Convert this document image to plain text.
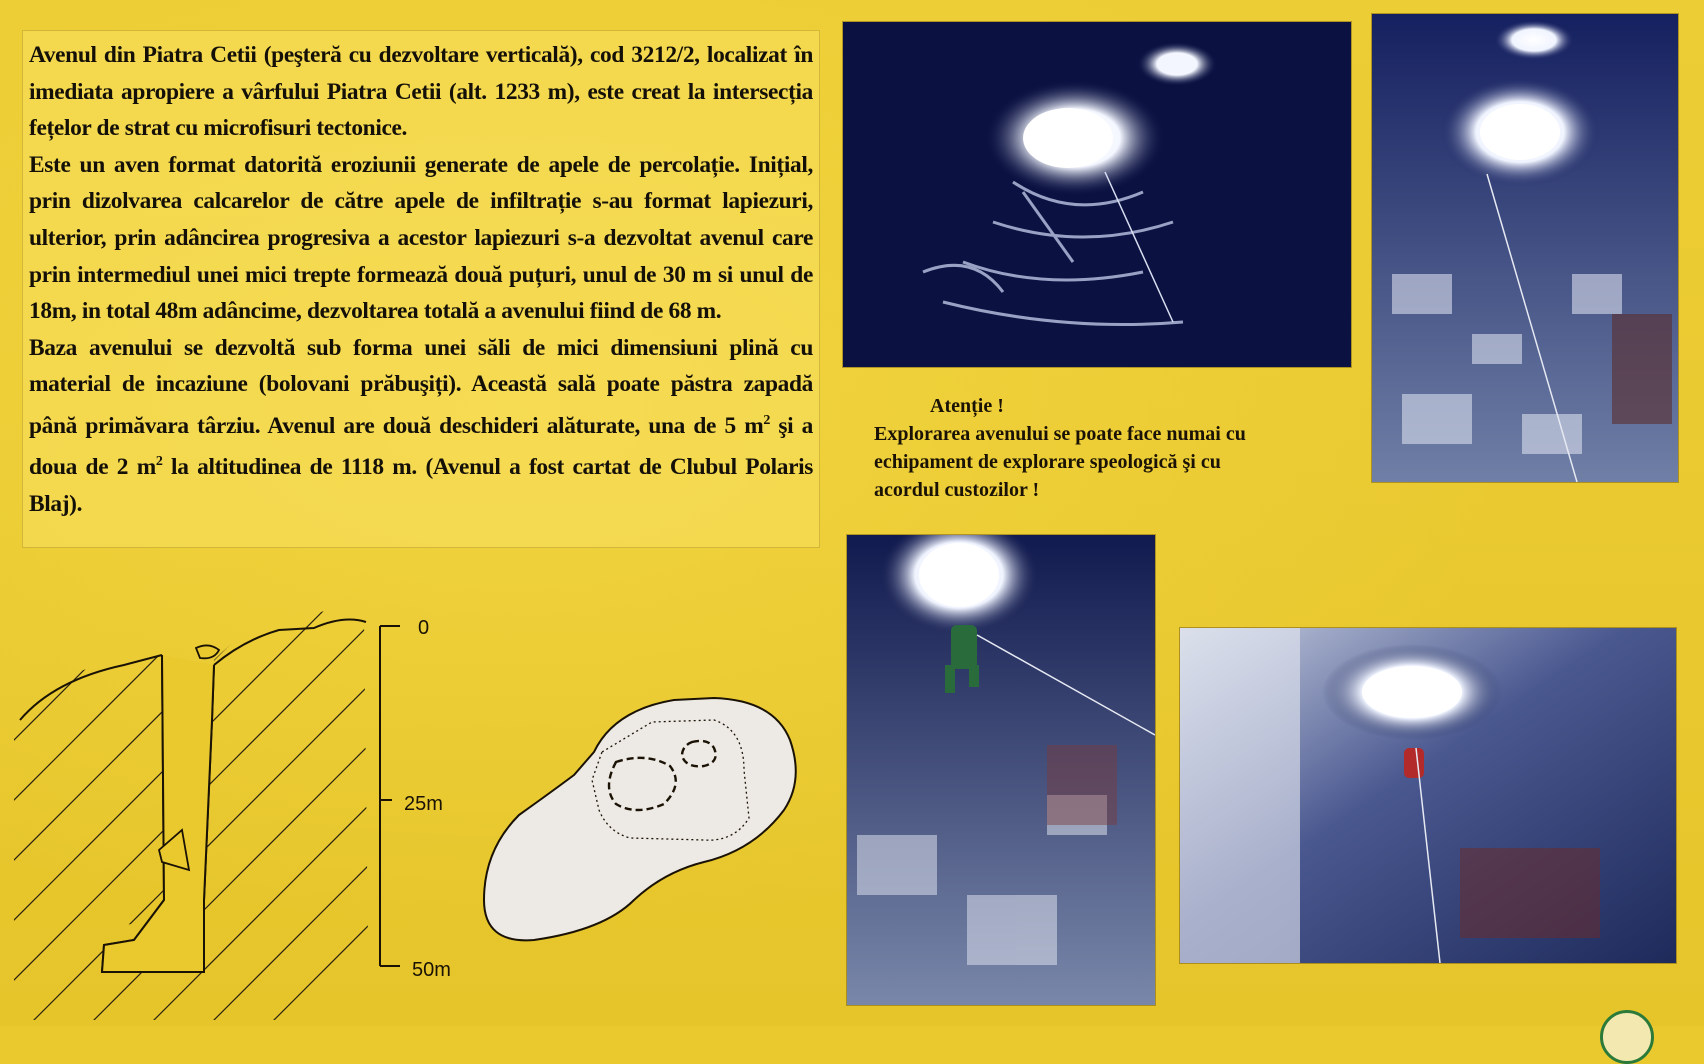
Avenul din Piatra Cetii (peşteră cu dezvoltare verticală), cod 3212/2, localizat în imediata apropiere a vârfului Piatra Cetii (alt. 1233 m), este creat la intersecția fețelor de strat cu microfisuri tectonice.

Este un aven format datorită eroziunii generate de apele de percolație. Inițial, prin dizolvarea calcarelor de către apele de infiltrație s-au format lapiezuri, ulterior, prin adâncirea progresiva a acestor lapiezuri s-a dezvoltat avenul care prin intermediul unei mici trepte formează două puțuri, unul de 30 m si unul de 18m, in total 48m adâncime, dezvoltarea totală a avenului fiind de 68 m.

Baza avenului se dezvoltă sub forma unei săli de mici dimensiuni plină cu material de incaziune (bolovani prăbuşiți). Această sală poate păstra zapadă până primăvara târziu. Avenul are două deschideri alăturate, una de 5 $m^2$ şi a doua de 2 $m^2$ la altitudinea de 1118 m. (Avenul a fost cartat de Clubul Polaris Blaj).

Atenție !
Explorarea avenului se poate face numai cu
echipament de explorare speologică şi cu
acordul custozilor !
0
25m
50m
